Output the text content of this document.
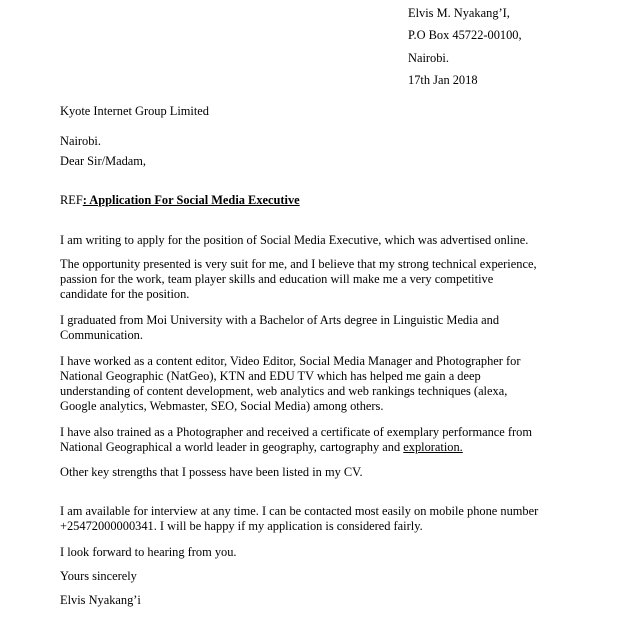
Elvis M. Nyakang’I,
P.O Box 45722-00100,
Nairobi.
17th Jan 2018
Kyote Internet Group Limited
Nairobi.
Dear Sir/Madam,
REF: Application For Social Media Executive
I am writing to apply for the position of Social Media Executive, which was advertised online.
The opportunity presented is very suit for me, and I believe that my strong technical experience,
passion for the work, team player skills and education will make me a very competitive
candidate for the position.
I graduated from Moi University with a Bachelor of Arts degree in Linguistic Media and
Communication.
I have worked as a content editor, Video Editor, Social Media Manager and Photographer for
National Geographic (NatGeo), KTN and EDU TV which has helped me gain a deep
understanding of content development, web analytics and web rankings techniques (alexa,
Google analytics, Webmaster, SEO, Social Media) among others.
I have also trained as a Photographer and received a certificate of exemplary performance from
National Geographical a world leader in geography, cartography and exploration.
Other key strengths that I possess have been listed in my CV.
I am available for interview at any time. I can be contacted most easily on mobile phone number
+25472000000341. I will be happy if my application is considered fairly.
I look forward to hearing from you.
Yours sincerely
Elvis Nyakang’i
